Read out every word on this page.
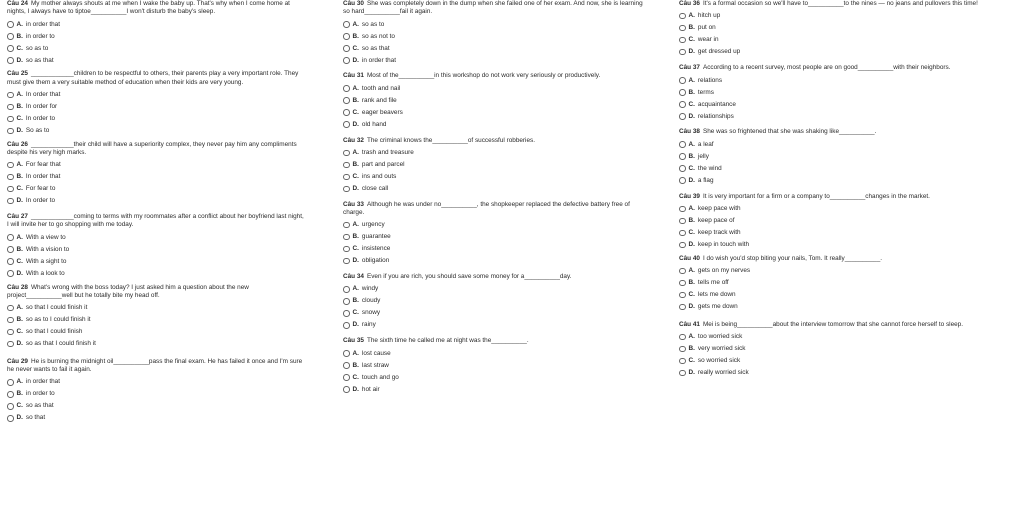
Câu 24 My mother always shouts at me when I wake the baby up. That's why when I come home at nights, I always have to tiptoe__________I won't disturb the baby's sleep.
A. in order that
B. in order to
C. so as to
D. so as that
Câu 25 ____________children to be respectful to others, their parents play a very important role. They must give them a very suitable method of education when their kids are very young.
A. In order that
B. In order for
C. In order to
D. So as to
Câu 26 ____________their child will have a superiority complex, they never pay him any compliments despite his very high marks.
A. For fear that
B. In order that
C. For fear to
D. In order to
Câu 27 ____________coming to terms with my roommates after a conflict about her boyfriend last night, I will invite her to go shopping with me today.
A. With a view to
B. With a vision to
C. With a sight to
D. With a look to
Câu 28 What's wrong with the boss today? I just asked him a question about the new project__________well but he totally bite my head off.
A. so that I could finish it
B. so as to I could finish it
C. so that I could finish
D. so as that I could finish it
Câu 29 He is burning the midnight oil__________pass the final exam. He has failed it once and I'm sure he never wants to fail it again.
A. in order that
B. in order to
C. so as that
D. so that
Câu 30 She was completely down in the dump when she failed one of her exam. And now, she is learning so hard__________fail it again.
A. so as to
B. so as not to
C. so as that
D. in order that
Câu 31 Most of the__________in this workshop do not work very seriously or productively.
A. tooth and nail
B. rank and file
C. eager beavers
D. old hand
Câu 32 The criminal knows the__________of successful robberies.
A. trash and treasure
B. part and parcel
C. ins and outs
D. close call
Câu 33 Although he was under no__________, the shopkeeper replaced the defective battery free of charge.
A. urgency
B. guarantee
C. insistence
D. obligation
Câu 34 Even if you are rich, you should save some money for a__________day.
A. windy
B. cloudy
C. snowy
D. rainy
Câu 35 The sixth time he called me at night was the__________.
A. lost cause
B. last straw
C. touch and go
D. hot air
Câu 36 It's a formal occasion so we'll have to__________to the nines — no jeans and pullovers this time!
A. hitch up
B. put on
C. wear in
D. get dressed up
Câu 37 According to a recent survey, most people are on good__________with their neighbors.
A. relations
B. terms
C. acquaintance
D. relationships
Câu 38 She was so frightened that she was shaking like__________.
A. a leaf
B. jelly
C. the wind
D. a flag
Câu 39 It is very important for a firm or a company to__________changes in the market.
A. keep pace with
B. keep pace of
C. keep track with
D. keep in touch with
Câu 40 I do wish you'd stop biting your nails, Tom. It really__________.
A. gets on my nerves
B. tells me off
C. lets me down
D. gets me down
Câu 41 Mei is being__________about the interview tomorrow that she cannot force herself to sleep.
A. too worried sick
B. very worried sick
C. so worried sick
D. really worried sick
